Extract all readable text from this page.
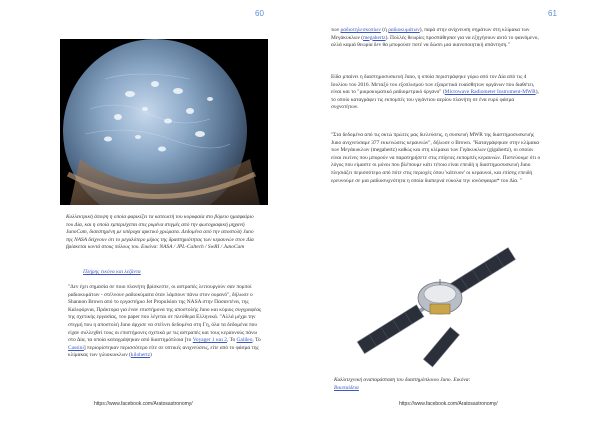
60
Κολλεκτρική άποψη η οποία φαρικίζει τα κατεωιτή του κορυφαία στο βόρειο ημισφαίριο του Δία, και η οποία εμπεριέχεται στις ρυμένα στιγμές από την φωτογραφική μηχανή JunoCam, δισεστημένη με υπέροχα αρκτικό χρώματα. Δεδομένα από την αποστολή Juno της NASA δείχνουν ότι το μεγαλύτερο μέρος της δραστηριότητας των κεραυνών στον Δία βρίσκεται κοντά στους πόλους του. Εικόνα: NASA / JPL-Caltech / SwRI / JunoCam
Πλήρης εικόνα και λεζάντα
"Δεν έχει σημασία σε ποιο πλανήτη βρίσκεστε, οι αστραπές λειτουργούν σαν πομποί ραδιοκυμάτων - στέλνουν ραδιοκύματα όταν λάμπουν πάνω στον ουρανό", δήλωσε ο Shannon Brown από το εργαστήριο Jet Propulsion της NASA στην Πασαντένα, της Καλιφόρνια, Πράκτορα για έναν επιστήμονα της αποστολής Juno και κύριος συγγραφέας της σχετικής εργασίας, του paper που λέγεται σε πλεύθερα Ελληνικά. "Αλλά μέχρι την στιγμή που η αποστολή Juno άρχισε να στέλνει δεδομένα στη Γη, όλα τα δεδομένα που είχαν συλλεχθεί τους οι επιστήμονες σχετικά με τις αστραπές και τους κεραυνούς πάνω στο Δία, τα οποία καταγράψηκαν από διαστημόπλοια [το Voyager 1 και 2, Το Galileo, Το Cassini] περιορίστηκαν περισσότερο είτε σε οπτικές ανιχνεύσεις, είτε από το φάσμα της κλίμακας των γιλιοκιυκλων (kilohertz)
https://www.facebook.com/Aratosastronomy/
61
https://www.facebook.com/Aratosastronomy/
των ραδιοτηλεσκοπίων (ή ραδιοκυμάτων), παρά στην ανίχνευση σημάτων στη κλίμακα των Μεγάκυκλων (megahertz). Πολλές θεωρίες προσπάθησαν για να εξηγήσουν αυτό το φαινόμενο, αλλά καμιά θεωρία δεν θα μπορούσε ποτέ να δώσει μια ικανοποιητική απάντηση."
Είδα μπαίνει η διαστημοσυσκευή Juno, η οποία περιστράφηκε γύρω από τον Δία από τις 4 Ιουλίου του 2016. Μεταξύ του εξοπλισμού των εξαιρετικά ευαίσθητων οργάνων που διαθέτει, είναι και το "μικροκυματικό ραδιομετρικό όργανο" (Microwave Radiometer Instrument-MWR), το οποίο καταγράφει τις εκπομπές του γιγάντιου αερίου πλανήτη σε ένα ευρύ φάσμα συχνοτήτων.
"Στα δεδομένα από τις οκτώ πρώτες μας διελεύσεις, η συσκευή MWR της διαστημοσυσκευής Juno ανιχνεύσαμε 377 εκκενώσεις κεραυνών", δήλωσε ο Brown. "Καταγράφηκαν στην κλίμακα των Μεγάκυκλων (megahertz) καθώς και στη κλίμακα των Γιγάκυκλων (gigahertz), οι οποίοι είναι εκείνες που μπορούν να παρατηρήσετε στις επίγειες εκπομπές κεραυνών. Πιστεύουμε ότι ο λόγος που είμαστε οι μόνοι που βλέπουμε κάτι τέτοιο είναι επειδή η διαστημοσυσκευή Juno πλησιάζει περισσότερο από πότε στις περιοχές όπου 'κάτευον' οι κεραυνοί, και επίσης επειδή ερευνούμε σε μια ραδιοσυχνότητα η οποία διαπερνά εύκολα την ιονόσφαιρα* του Δία. "
Καλλιτεχνική αναπαράσταση του διαστημόπλοιου Juno. Εικόνα: Βικιπαίδεια
